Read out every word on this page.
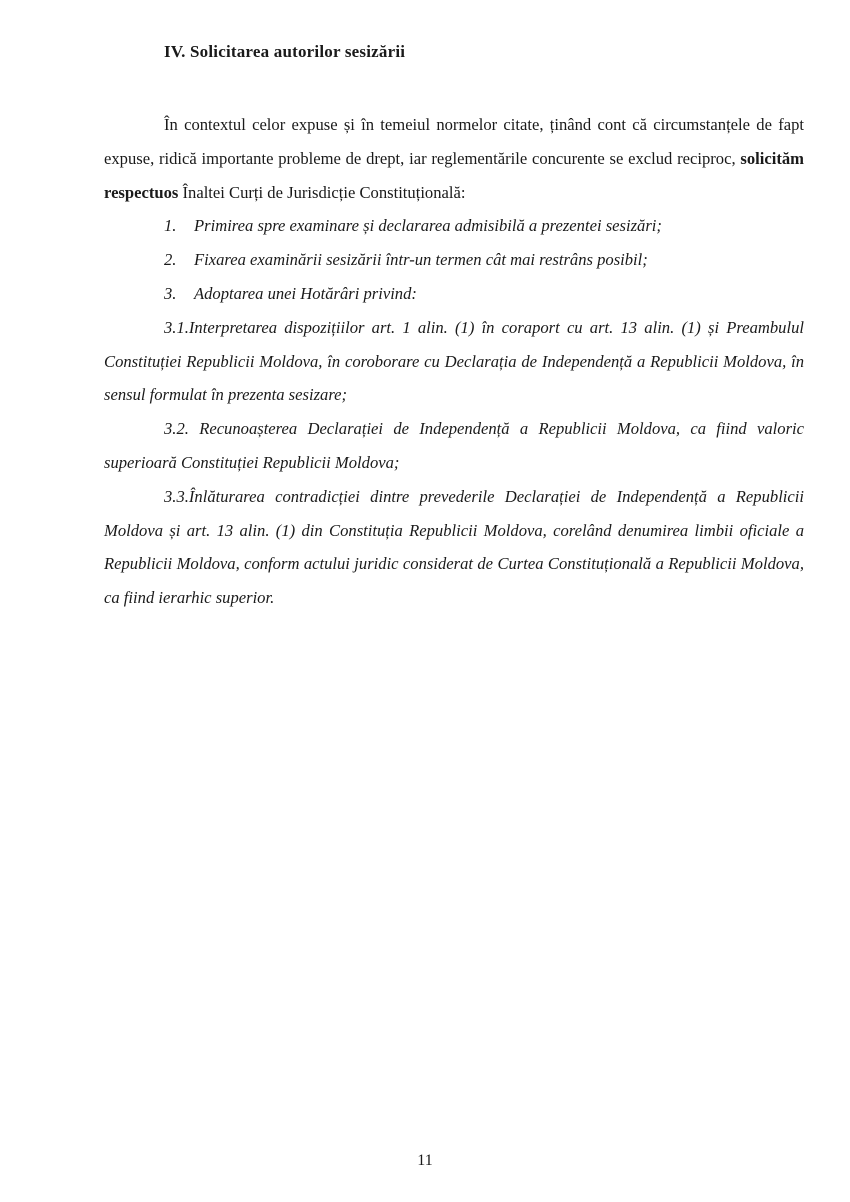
IV. Solicitarea autorilor sesizării

În contextul celor expuse și în temeiul normelor citate, ținând cont că circumstanțele de fapt expuse, ridică importante probleme de drept, iar reglementările concurente se exclud reciproc, solicităm respectuos Înaltei Curți de Jurisdicție Constituțională:

1. Primirea spre examinare și declararea admisibilă a prezentei sesizări;

2. Fixarea examinării sesizării într-un termen cât mai restrâns posibil;

3. Adoptarea unei Hotărâri privind:

3.1.Interpretarea dispozițiilor art. 1 alin. (1) în coraport cu art. 13 alin. (1) și Preambulul Constituției Republicii Moldova, în coroborare cu Declarația de Independență a Republicii Moldova, în sensul formulat în prezenta sesizare;

3.2. Recunoașterea Declarației de Independență a Republicii Moldova, ca fiind valoric superioară Constituției Republicii Moldova;

3.3.Înlăturarea contradicției dintre prevederile Declarației de Independență a Republicii Moldova și art. 13 alin. (1) din Constituția Republicii Moldova, corelând denumirea limbii oficiale a Republicii Moldova, conform actului juridic considerat de Curtea Constituțională a Republicii Moldova, ca fiind ierarhic superior.

11
